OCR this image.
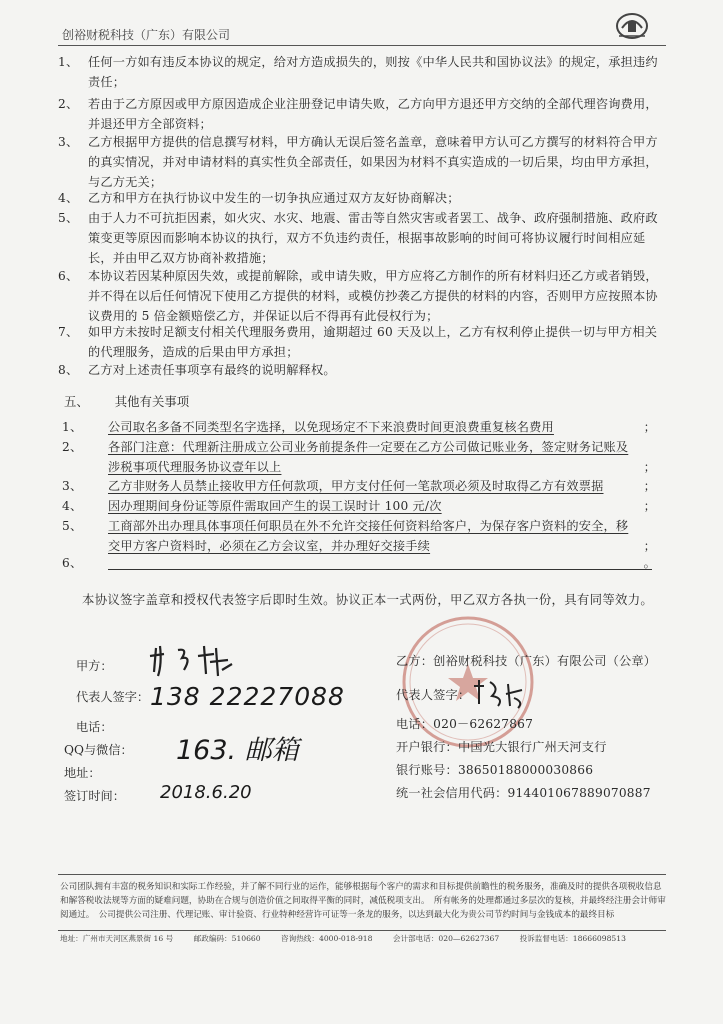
创裕财税科技（广东）有限公司
1、 任何一方如有违反本协议的规定，给对方造成损失的，则按《中华人民共和国协议法》的规定，承担违约责任；
2、 若由于乙方原因或甲方原因造成企业注册登记申请失败，乙方向甲方退还甲方交纳的全部代理咨询费用，并退还甲方全部资料；
3、 乙方根据甲方提供的信息撰写材料，甲方确认无误后签名盖章，意味着甲方认可乙方撰写的材料符合甲方的真实情况，并对申请材料的真实性负全部责任，如果因为材料不真实造成的一切后果，均由甲方承担，与乙方无关；
4、 乙方和甲方在执行协议中发生的一切争执应通过双方友好协商解决；
5、 由于人力不可抗拒因素，如火灾、水灾、地震、雷击等自然灾害或者罢工、战争、政府强制措施、政府政策变更等原因而影响本协议的执行，双方不负违约责任，根据事故影响的时间可将协议履行时间相应延长，并由甲乙双方协商补救措施；
6、 本协议若因某种原因失效，或提前解除，或申请失败，甲方应将乙方制作的所有材料归还乙方或者销毁，并不得在以后任何情况下使用乙方提供的材料，或模仿抄袭乙方提供的材料的内容，否则甲方应按照本协议费用的 5 倍金额赔偿乙方，并保证以后不得再有此侵权行为；
7、 如甲方未按时足额支付相关代理服务费用，逾期超过 60 天及以上，乙方有权利停止提供一切与甲方相关的代理服务，造成的后果由甲方承担；
8、 乙方对上述责任事项享有最终的说明解释权。
五、 其他有关事项
1、	公司取名多备不同类型名字选择，以免现场定不下来浪费时间更浪费重复核名费用	；
2、	各部门注意：代理新注册成立公司业务前提条件一定要在乙方公司做记账业务，签定财务记账及涉税事项代理服务协议壹年以上	；
3、	乙方非财务人员禁止接收甲方任何款项，甲方支付任何一笔款项必须及时取得乙方有效票据	；
4、	因办理期间身份证等原件需取回产生的误工误时计 100 元/次	；
5、	工商部外出办理具体事项任何职员在外不允许交接任何资料给客户，为保存客户资料的安全，移交甲方客户资料时，必须在乙方会议室，并办理好交接手续	；
6、	。
本协议签字盖章和授权代表签字后即时生效。协议正本一式两份，甲乙双方各执一份，具有同等效力。
甲方：
代表人签字： 138 22227088
电话：
QQ与微信： 163. 邮箱
地址：
签订时间： 2018.6.20
乙方：创裕财税科技（广东）有限公司（公章）
代表人签字：
电话：020－62627867
开户银行：中国光大银行广州天河支行
银行账号：38650188000030866
统一社会信用代码：91440106788907088​7
公司团队拥有丰富的税务知识和实际工作经验，并了解不同行业的运作，能够根据每个客户的需求和目标提供前瞻性的税务服务，准确及时的提供各项税收信息和解答税收法规等方面的疑难问题，协助在合规与创造价值之间取得平衡的同时，减低税项支出。　所有帐务的处理都通过多层次的复核，并最终经注册会计师审阅通过。　公司提供公司注册、代理记账、审计验资、行业特种经营许可证等一条龙的服务，以达到最大化为贵公司节约时间与金钱成本的最终目标
地址：广州市天河区燕景街 16 号	邮政编码：510660	咨询热线：4000-018-918	会计部电话：020—62627367	投诉监督电话：18666098513
